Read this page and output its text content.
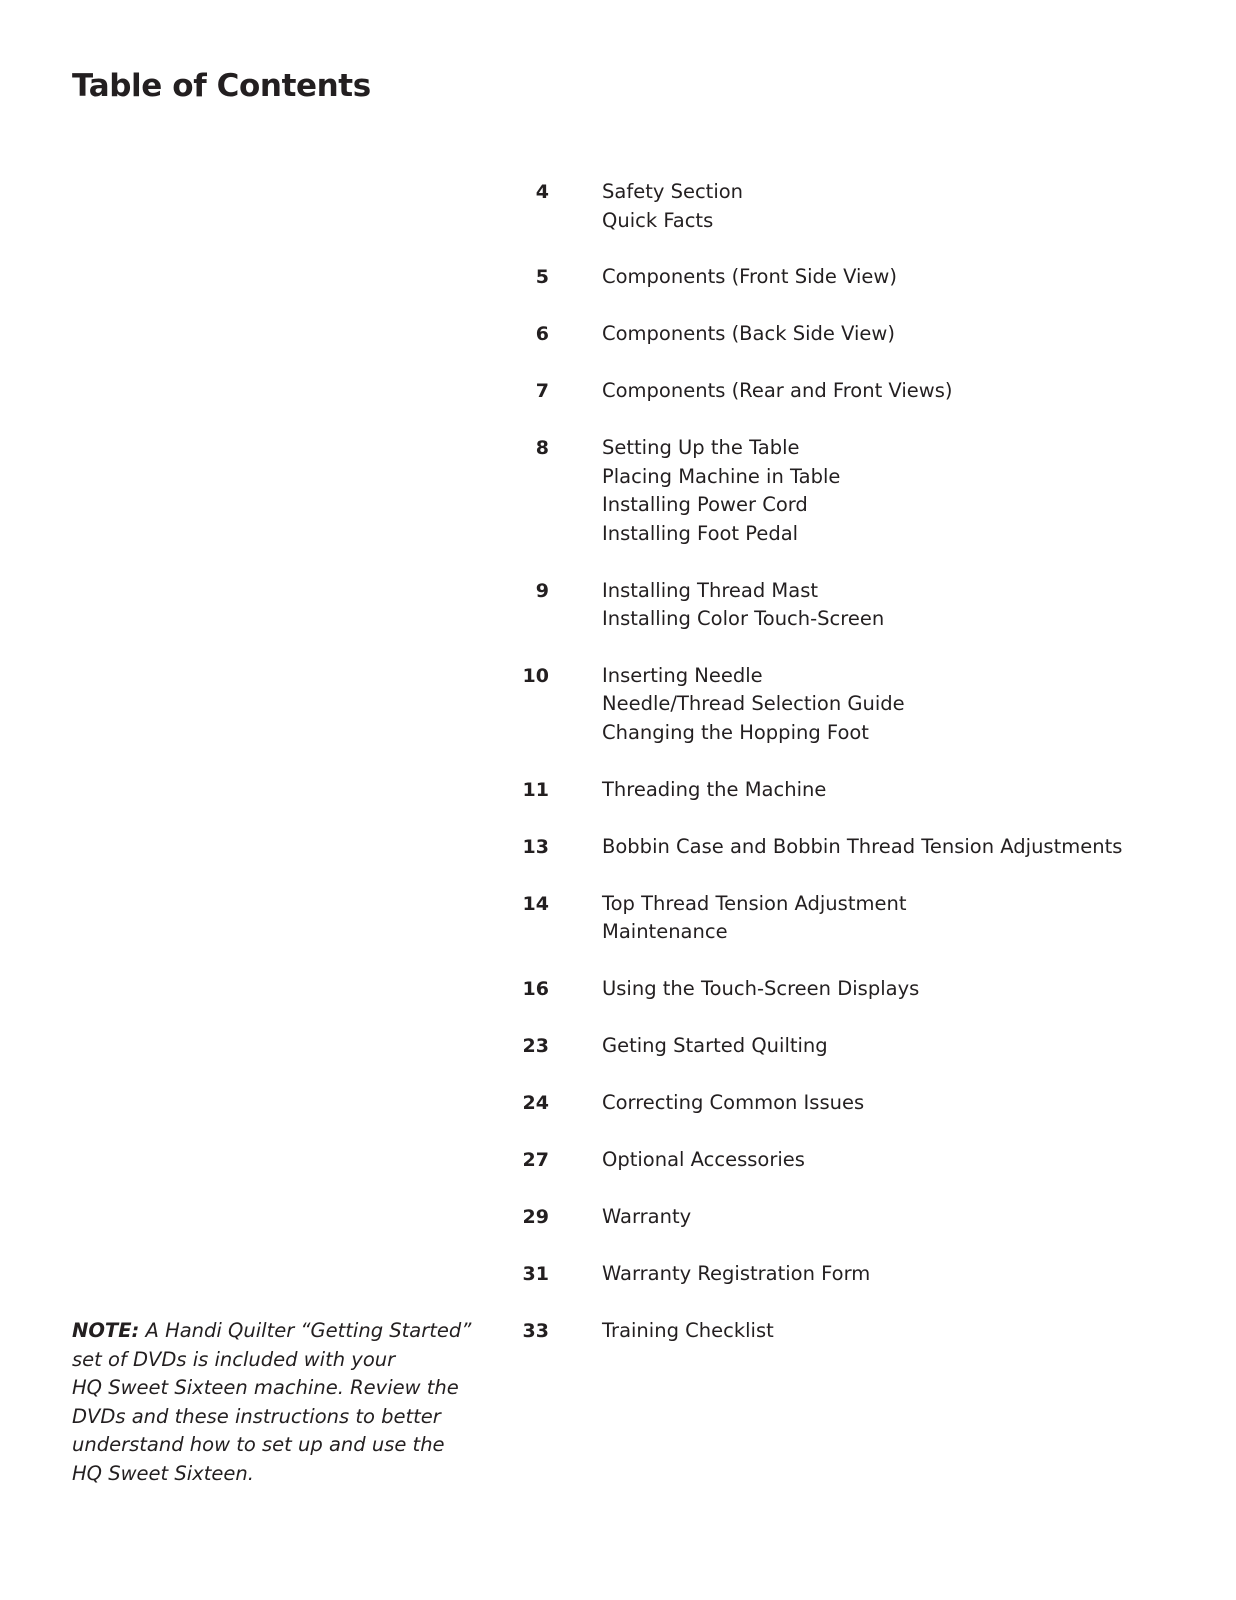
Table of Contents
4	Safety Section
Quick Facts
5	Components (Front Side View)
6	Components (Back Side View)
7	Components (Rear and Front Views)
8	Setting Up the Table
Placing Machine in Table
Installing Power Cord
Installing Foot Pedal
9	Installing Thread Mast
Installing Color Touch-Screen
10	Inserting Needle
Needle/Thread Selection Guide
Changing the Hopping Foot
11	Threading the Machine
13	Bobbin Case and Bobbin Thread Tension Adjustments
14	Top Thread Tension Adjustment
Maintenance
16	Using the Touch-Screen Displays
23	Geting Started Quilting
24	Correcting Common Issues
27	Optional Accessories
29	Warranty
31	Warranty Registration Form
33	Training Checklist
NOTE: A Handi Quilter “Getting Started”
set of DVDs is included with your
HQ Sweet Sixteen machine. Review the
DVDs and these instructions to better
understand how to set up and use the
HQ Sweet Sixteen.
